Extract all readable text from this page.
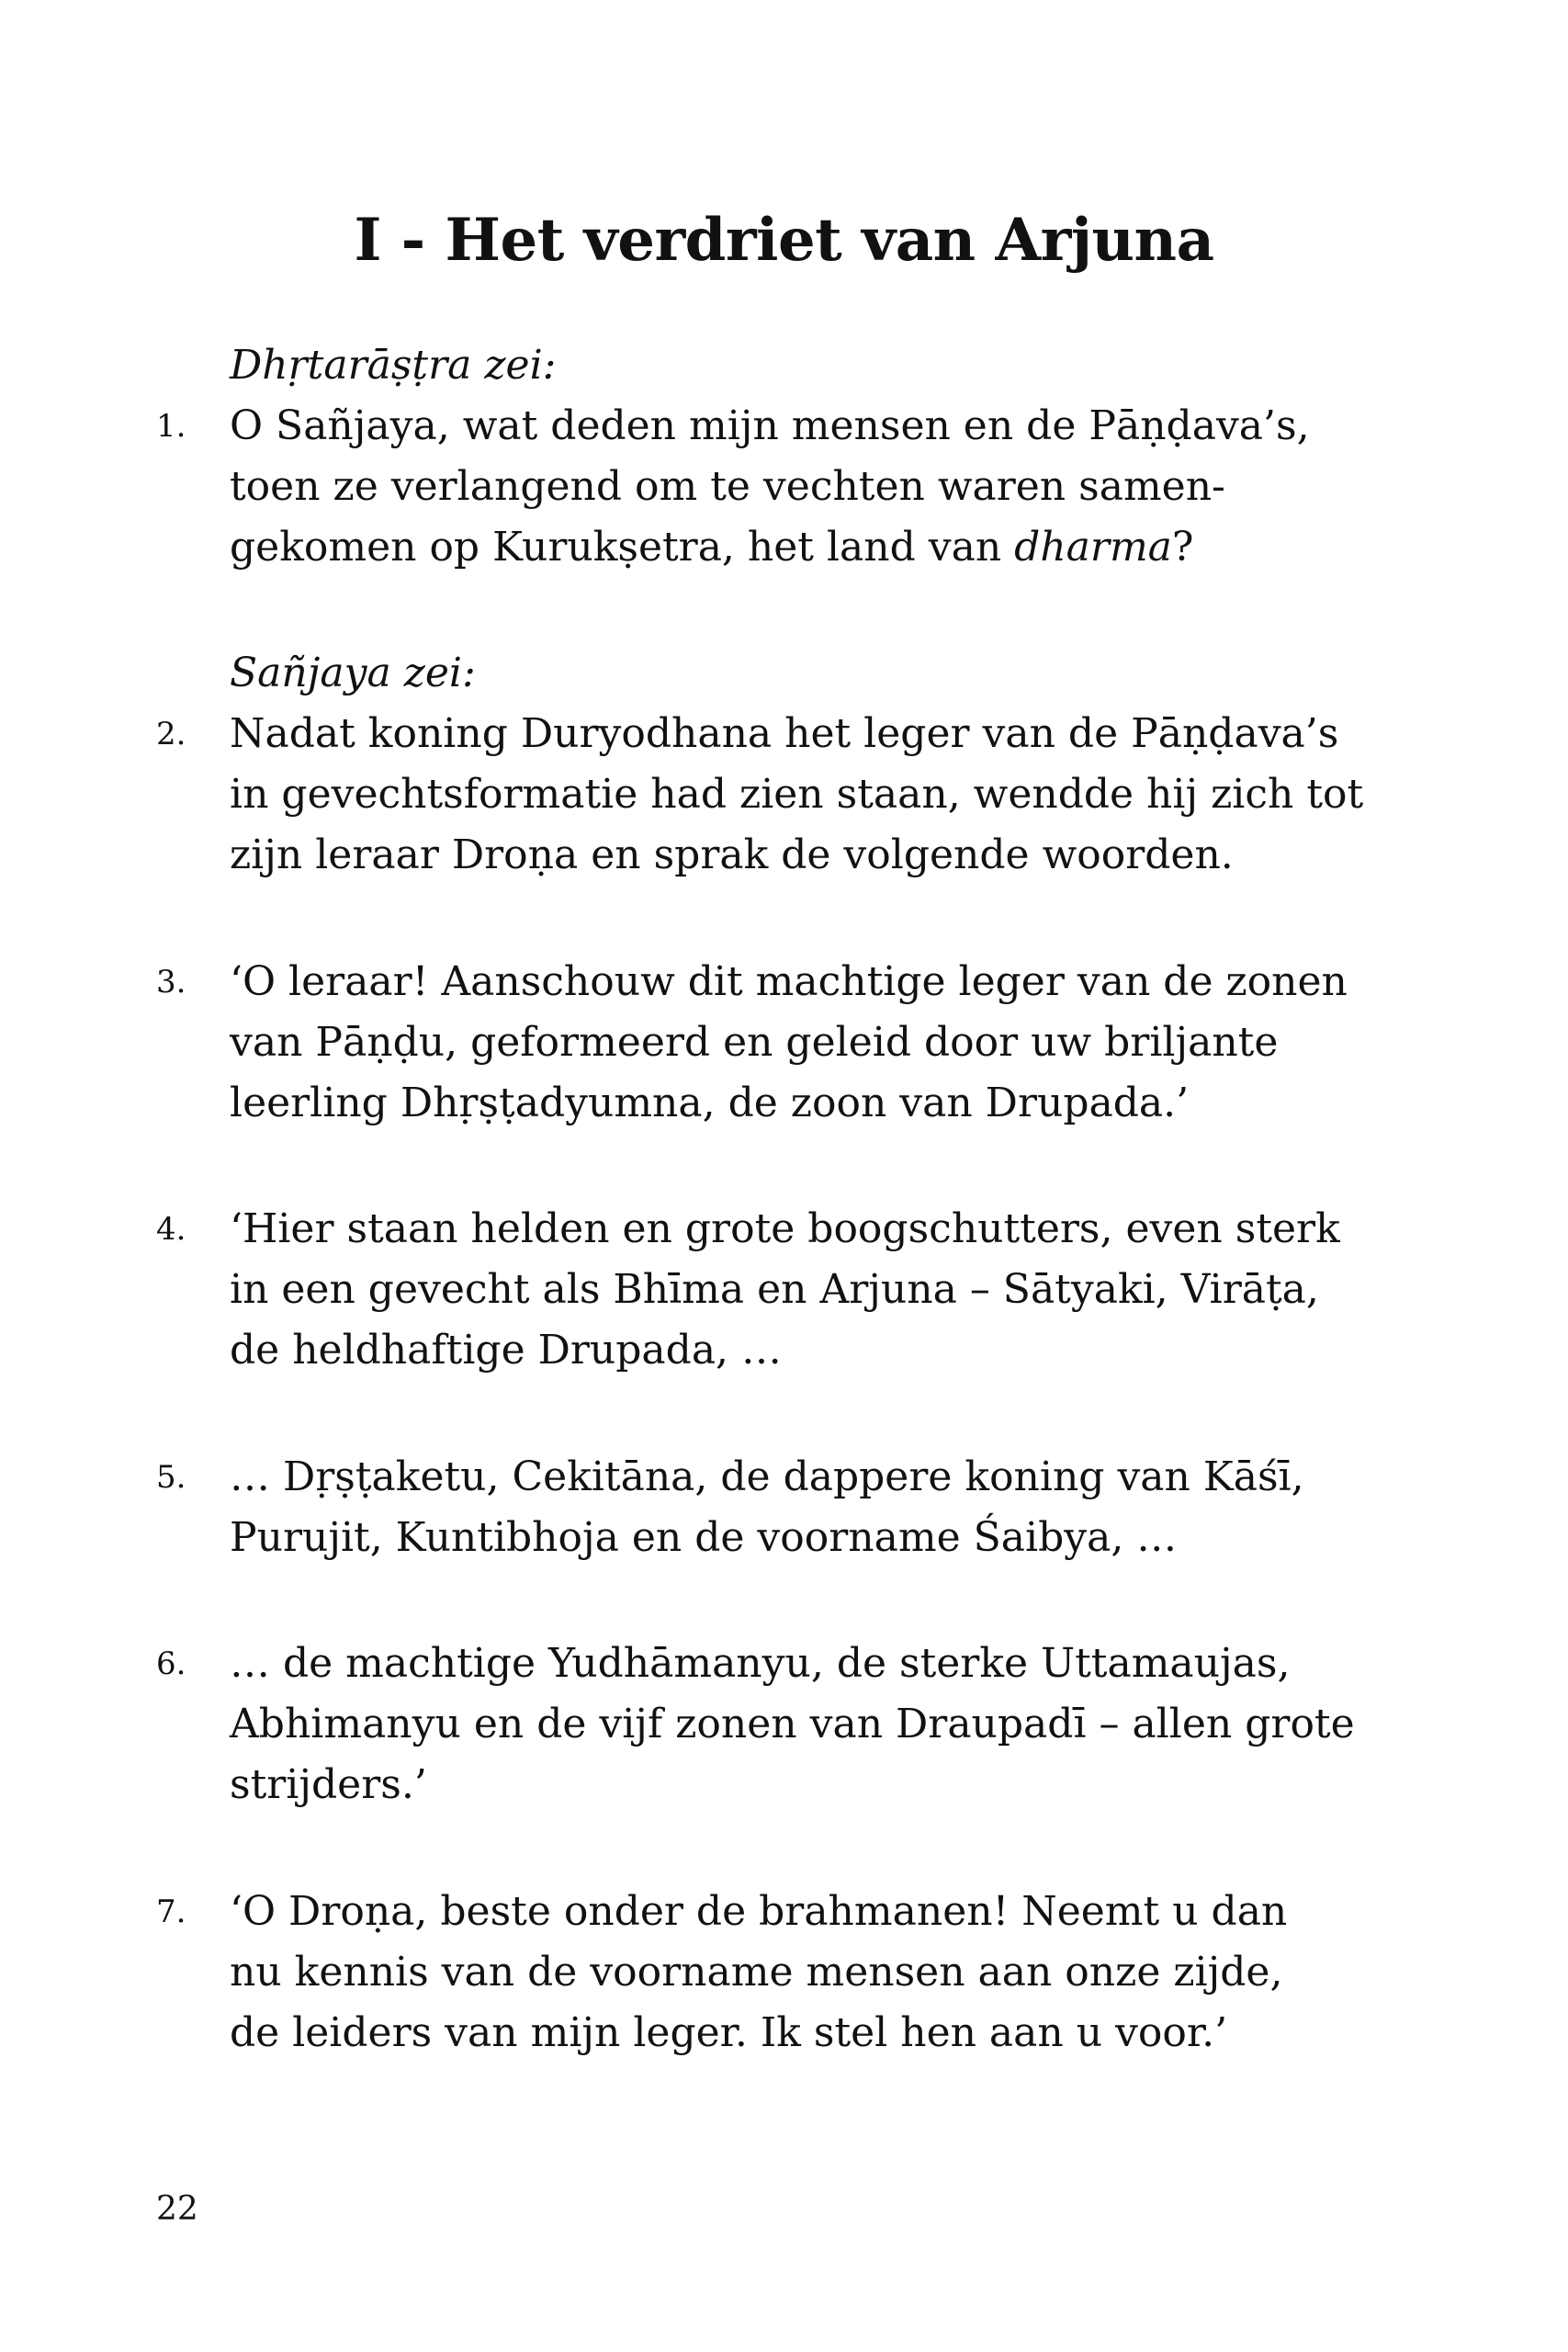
I - Het verdriet van Arjuna
Dhṛtarāṣṭra zei:
1.	O Sañjaya, wat deden mijn mensen en de Pāṇḍava’s,
toen ze verlangend om te vechten waren samen-
gekomen op Kurukṣetra, het land van dharma?
Sañjaya zei:
2.	Nadat koning Duryodhana het leger van de Pāṇḍava’s
in gevechtsformatie had zien staan, wendde hij zich tot
zijn leraar Droṇa en sprak de volgende woorden.
3.	‘O leraar! Aanschouw dit machtige leger van de zonen
van Pāṇḍu, geformeerd en geleid door uw briljante
leerling Dhṛṣṭadyumna, de zoon van Drupada.’
4.	‘Hier staan helden en grote boogschutters, even sterk
in een gevecht als Bhīma en Arjuna – Sātyaki, Virāṭa,
de heldhaftige Drupada, …
5.	… Dṛṣṭaketu, Cekitāna, de dappere koning van Kāśī,
Purujit, Kuntibhoja en de voorname Śaibya, …
6.	… de machtige Yudhāmanyu, de sterke Uttamaujas,
Abhimanyu en de vijf zonen van Draupadī – allen grote
strijders.’
7.	‘O Droṇa, beste onder de brahmanen! Neemt u dan
nu kennis van de voorname mensen aan onze zijde,
de leiders van mijn leger. Ik stel hen aan u voor.’
22
